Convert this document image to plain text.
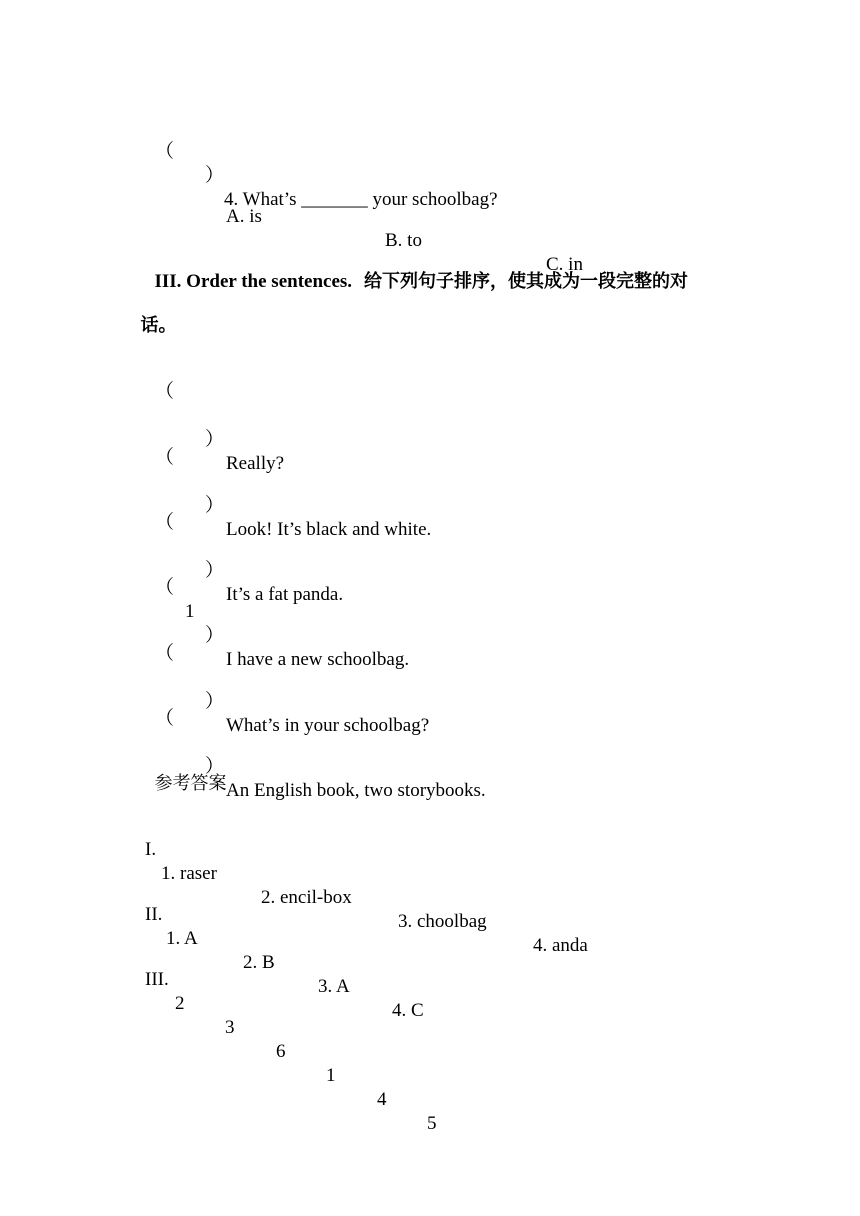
（

）

4. What’s _______ your schoolbag?

A. is

B. to

C. in

III. Order the sentences. 给下列句子排序，使其成为一段完整的对

话。

（

）

Really?

（

）

Look! It’s black and white.

（

）

It’s a fat panda.

（

1

）

I have a new schoolbag.

（

）

What’s in your schoolbag?

（

）

An English book, two storybooks.

参考答案

I.

1. raser

2. encil-box

3. choolbag

4. anda

II.

1. A

2. B

3. A

4. C

III.

2

3

6

1

4

5
